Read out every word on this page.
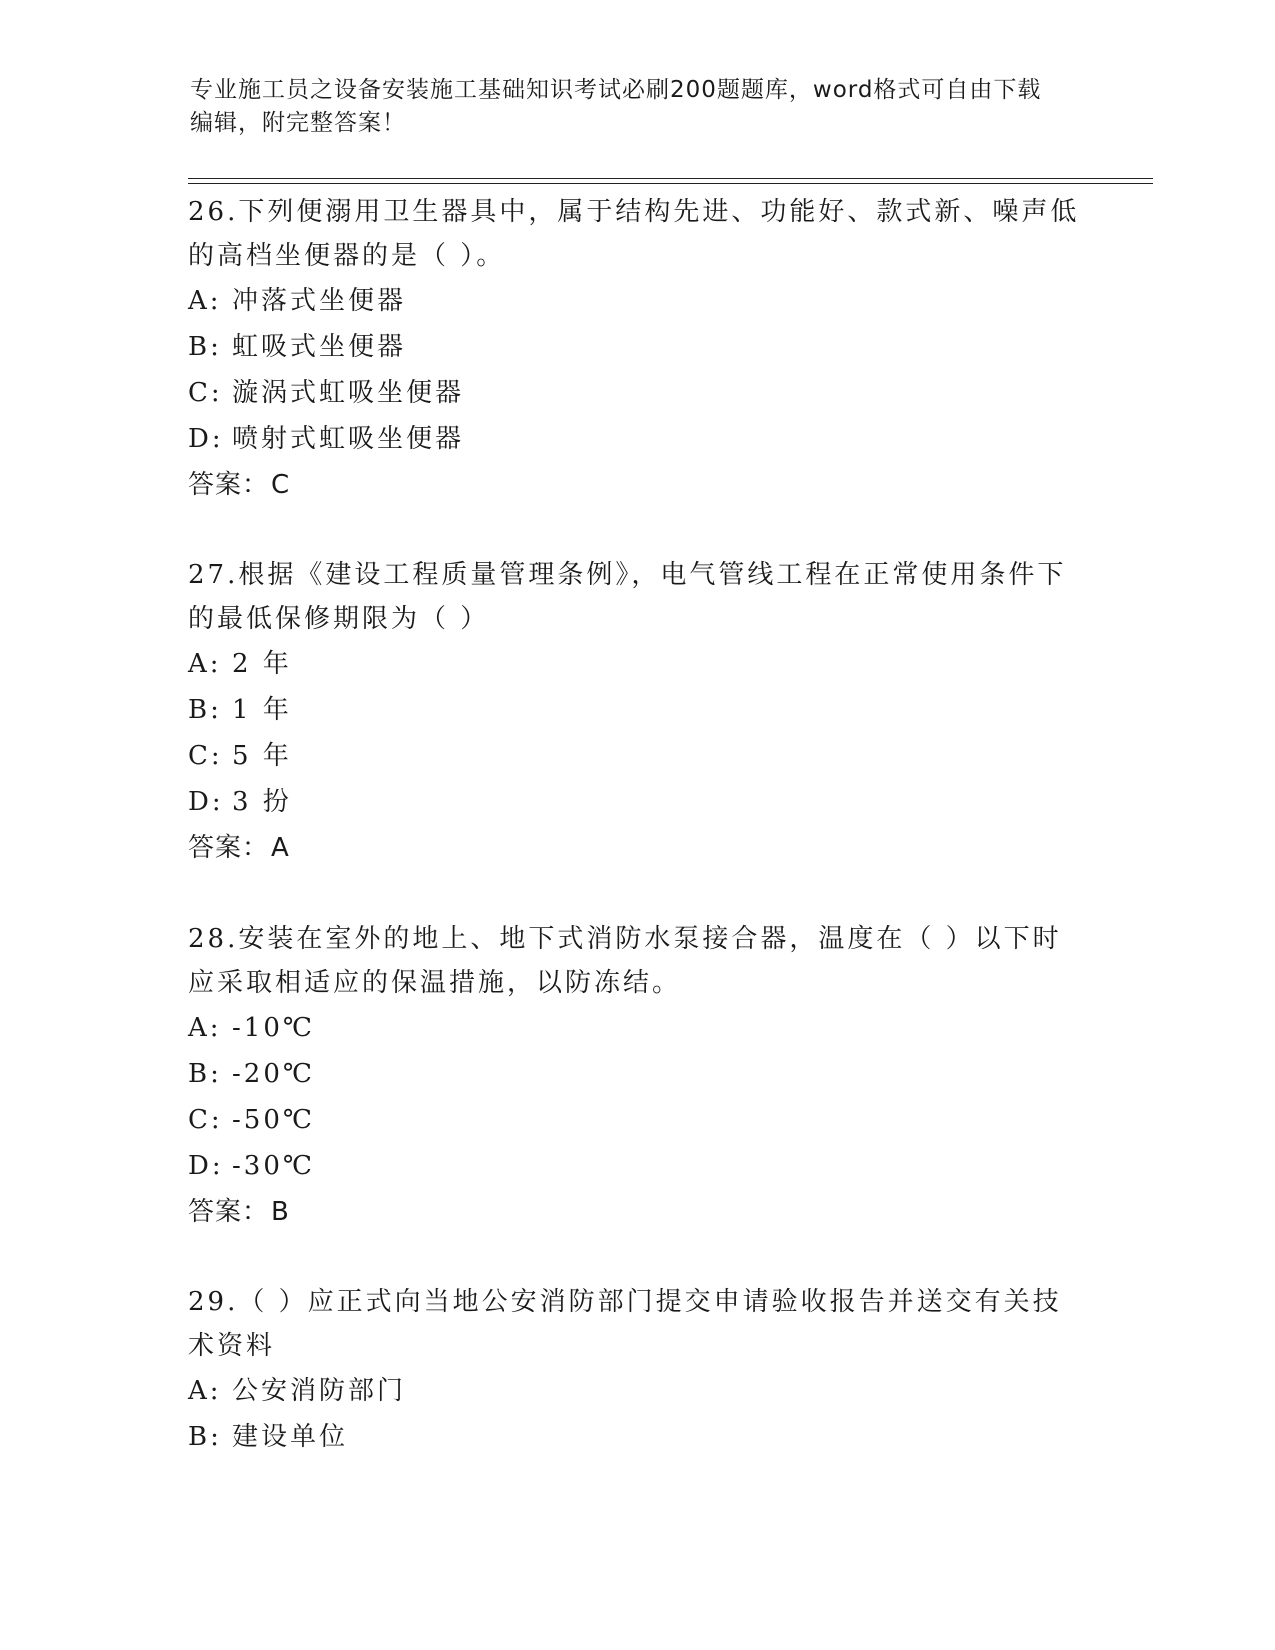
专业施工员之设备安装施工基础知识考试必刷200题题库，word格式可自由下载
编辑，附完整答案！

26.下列便溺用卫生器具中，属于结构先进、功能好、款式新、噪声低

的高档坐便器的是（ ）。

A: 冲落式坐便器

B: 虹吸式坐便器

C: 漩涡式虹吸坐便器

D: 喷射式虹吸坐便器

答案：C

27.根据《建设工程质量管理条例》，电气管线工程在正常使用条件下

的最低保修期限为（ ）

A: 2 年

B: 1 年

C: 5 年

D: 3 扮

答案：A

28.安装在室外的地上、地下式消防水泵接合器，温度在（ ）以下时

应采取相适应的保温措施，以防冻结。

A: -10℃

B: -20℃

C: -50℃

D: -30℃

答案：B

29.（ ）应正式向当地公安消防部门提交申请验收报告并送交有关技

术资料

A: 公安消防部门

B: 建设单位
